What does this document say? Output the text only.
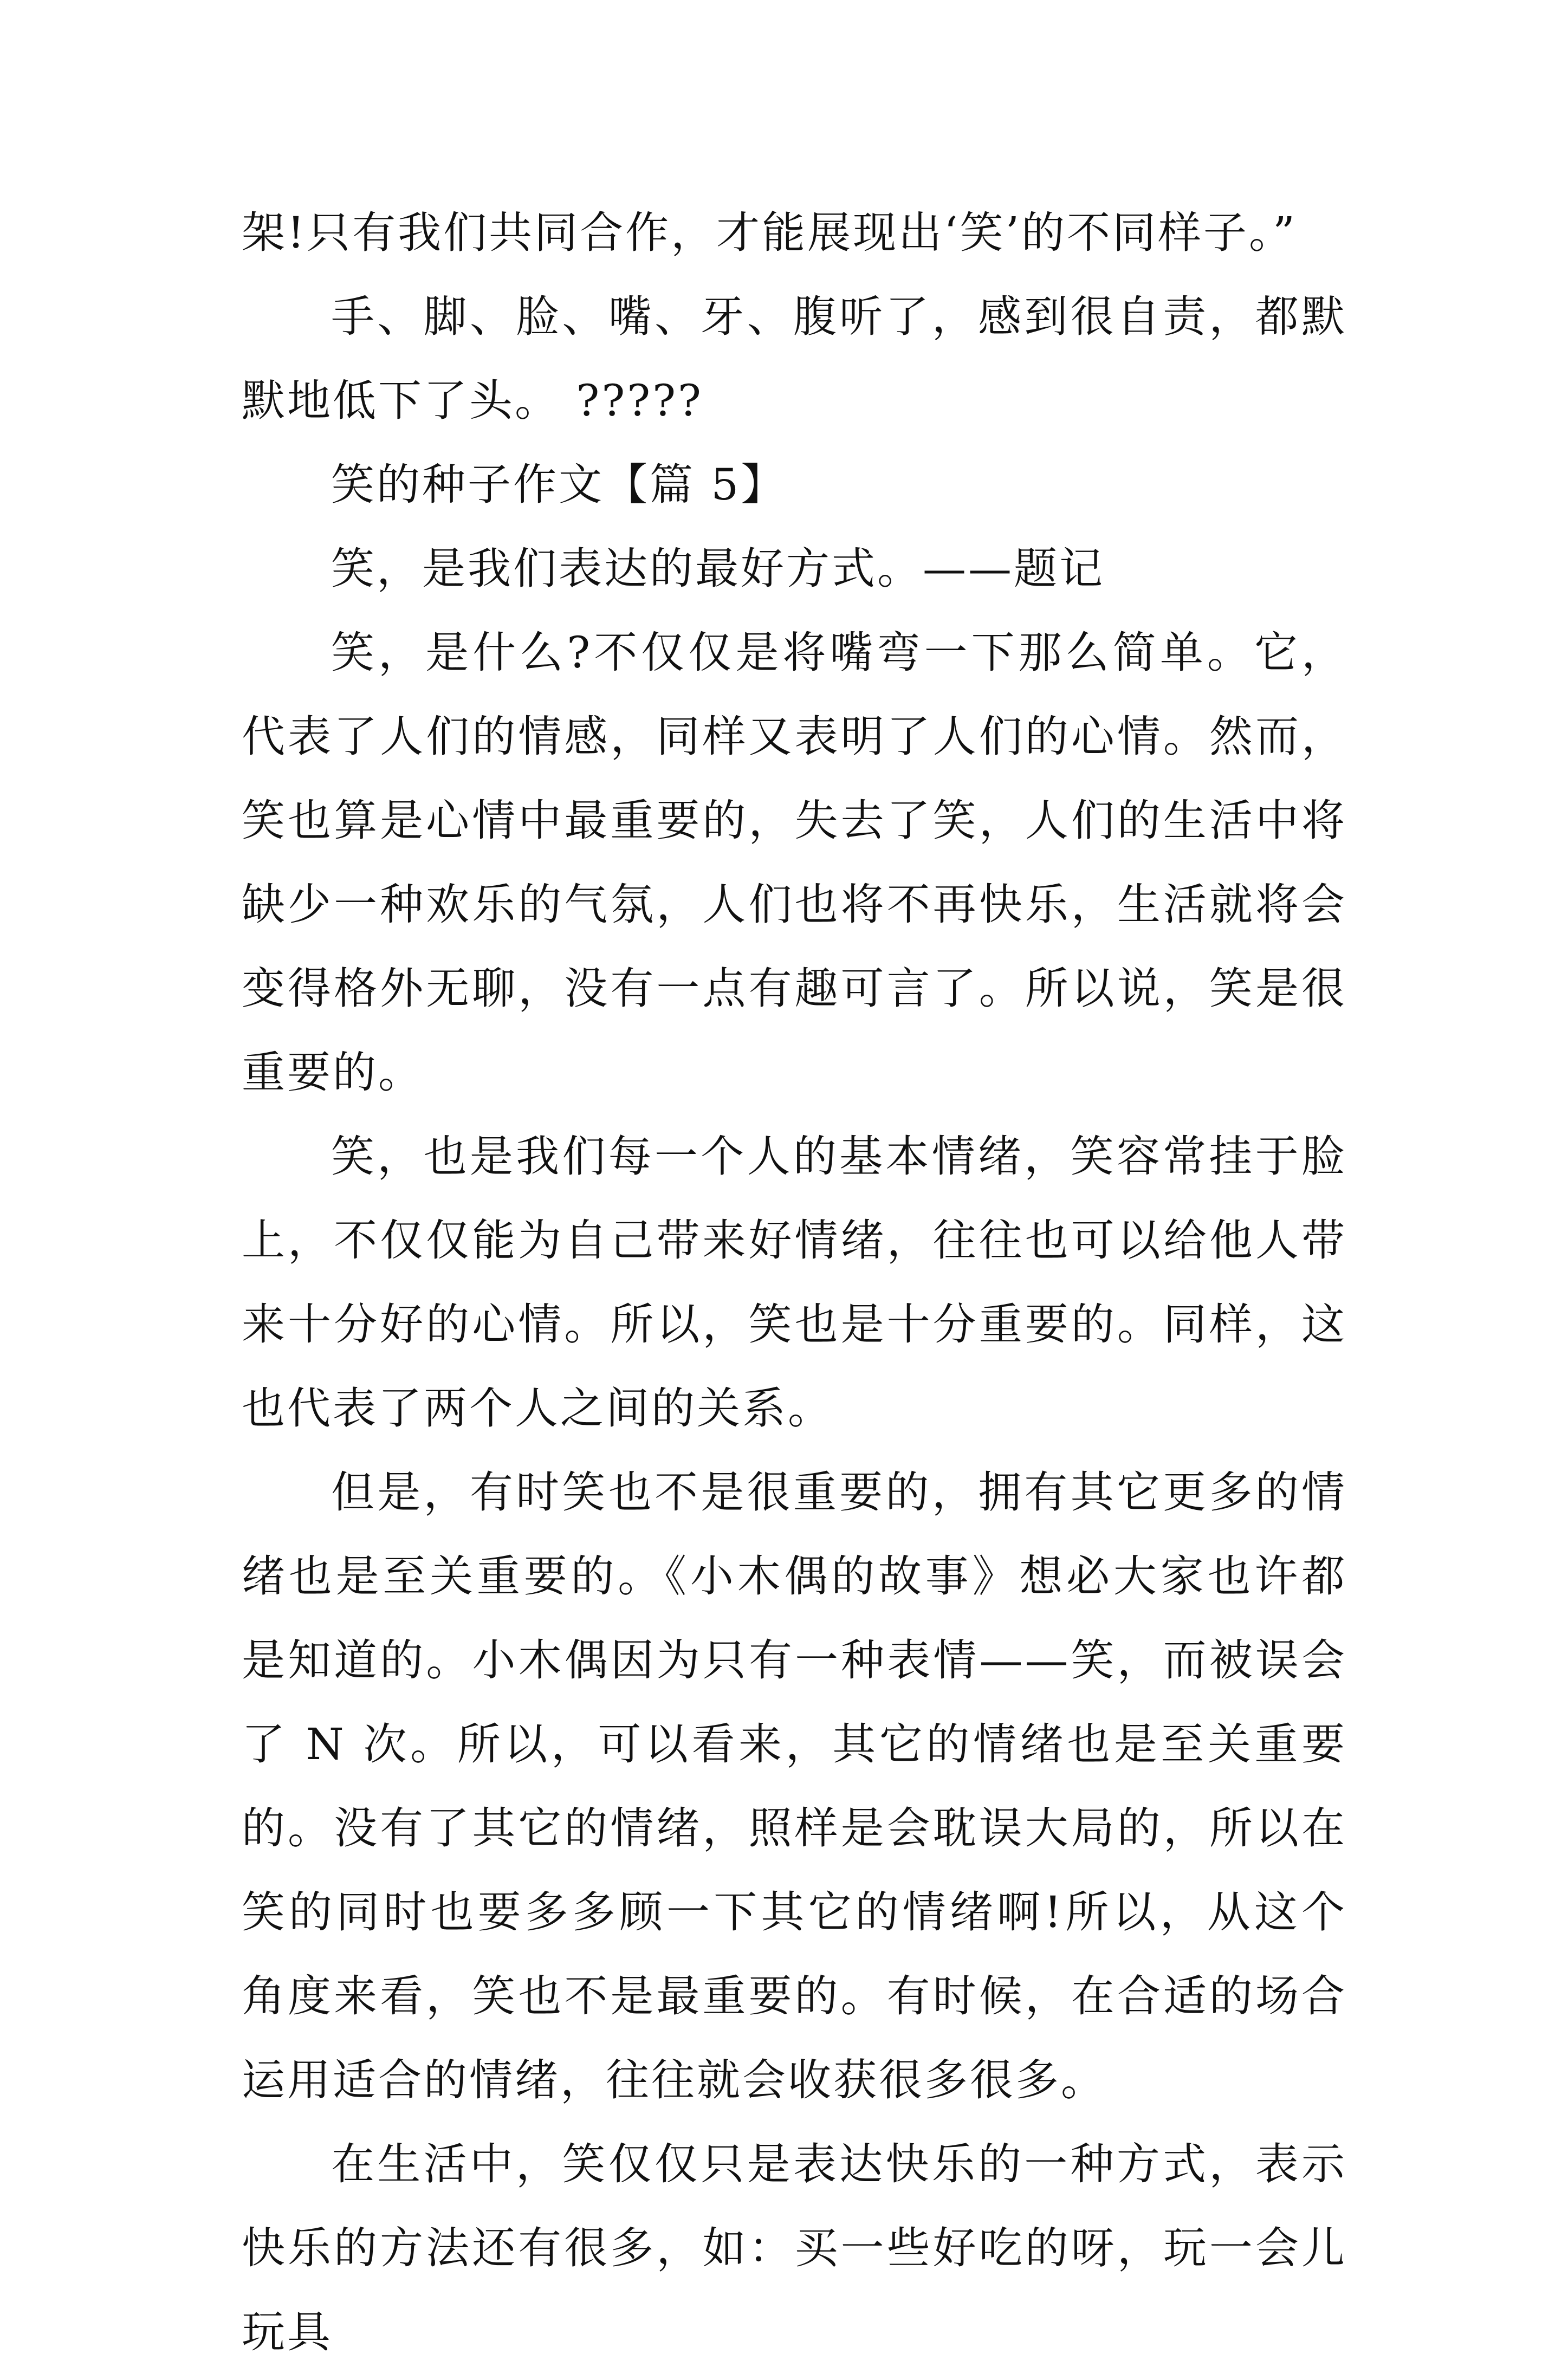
架!只有我们共同合作，才能展现出‘笑’的不同样子。”

手、脚、脸、嘴、牙、腹听了，感到很自责，都默默地低下了头。 ?????

笑的种子作文【篇 5】

笑，是我们表达的最好方式。——题记

笑，是什么?不仅仅是将嘴弯一下那么简单。它，代表了人们的情感，同样又表明了人们的心情。然而，笑也算是心情中最重要的，失去了笑，人们的生活中将缺少一种欢乐的气氛，人们也将不再快乐，生活就将会变得格外无聊，没有一点有趣可言了。所以说，笑是很重要的。

笑，也是我们每一个人的基本情绪，笑容常挂于脸上，不仅仅能为自己带来好情绪，往往也可以给他人带来十分好的心情。所以，笑也是十分重要的。同样，这也代表了两个人之间的关系。

但是，有时笑也不是很重要的，拥有其它更多的情绪也是至关重要的。《小木偶的故事》想必大家也许都是知道的。小木偶因为只有一种表情——笑，而被误会了 N 次。所以，可以看来，其它的情绪也是至关重要的。没有了其它的情绪，照样是会耽误大局的，所以在笑的同时也要多多顾一下其它的情绪啊!所以，从这个角度来看，笑也不是最重要的。有时候，在合适的场合运用适合的情绪，往往就会收获很多很多。

在生活中，笑仅仅只是表达快乐的一种方式，表示快乐的方法还有很多，如：买一些好吃的呀，玩一会儿玩具
